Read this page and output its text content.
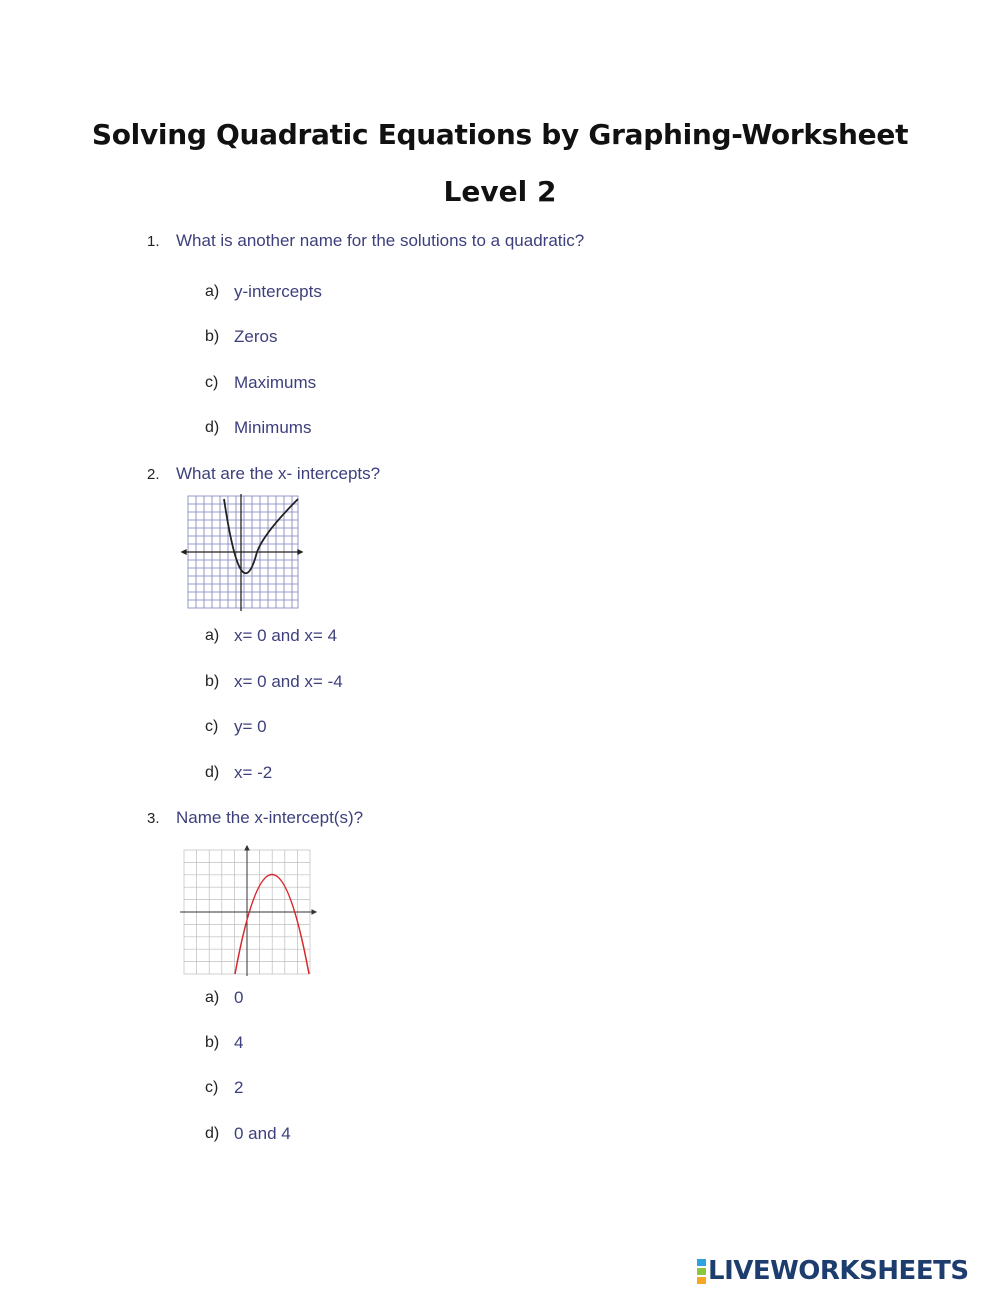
Solving Quadratic Equations by Graphing-Worksheet
Level 2
1. What is another name for the solutions to a quadratic?
a) y-intercepts
b) Zeros
c) Maximums
d) Minimums
2. What are the x- intercepts?
a) x= 0 and x= 4
b) x= 0 and x= -4
c) y= 0
d) x= -2
3. Name the x-intercept(s)?
a) 0
b) 4
c) 2
d) 0 and 4
LIVEWORKSHEETS
